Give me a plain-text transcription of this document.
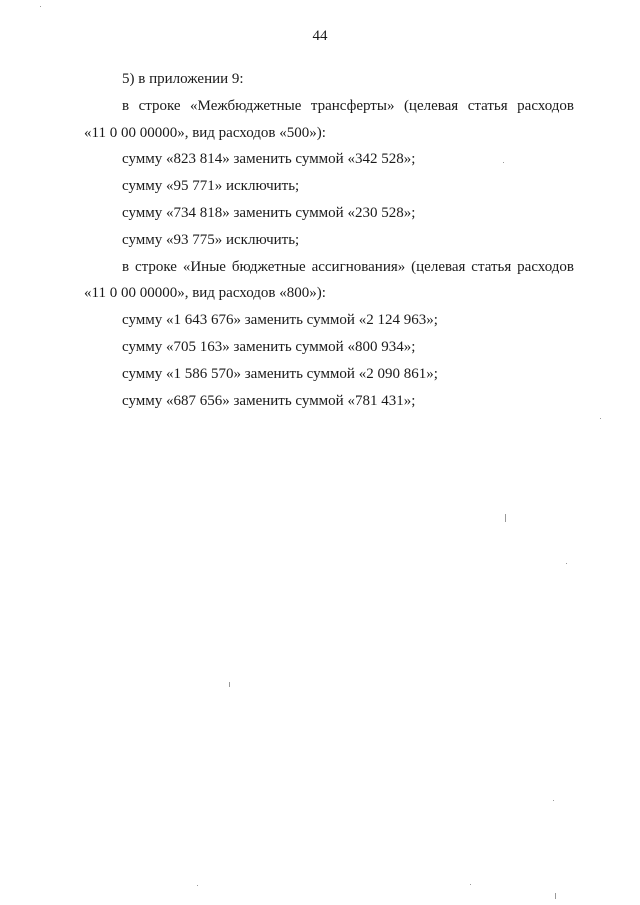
44
5) в приложении 9:
в строке «Межбюджетные трансферты» (целевая статья расходов
«11 0 00 00000», вид расходов «500»):
сумму «823 814» заменить суммой «342 528»;
сумму «95 771» исключить;
сумму «734 818» заменить суммой «230 528»;
сумму «93 775» исключить;
в строке «Иные бюджетные ассигнования» (целевая статья расходов
«11 0 00 00000», вид расходов «800»):
сумму «1 643 676» заменить суммой «2 124 963»;
сумму «705 163» заменить суммой «800 934»;
сумму «1 586 570» заменить суммой «2 090 861»;
сумму «687 656» заменить суммой «781 431»;
